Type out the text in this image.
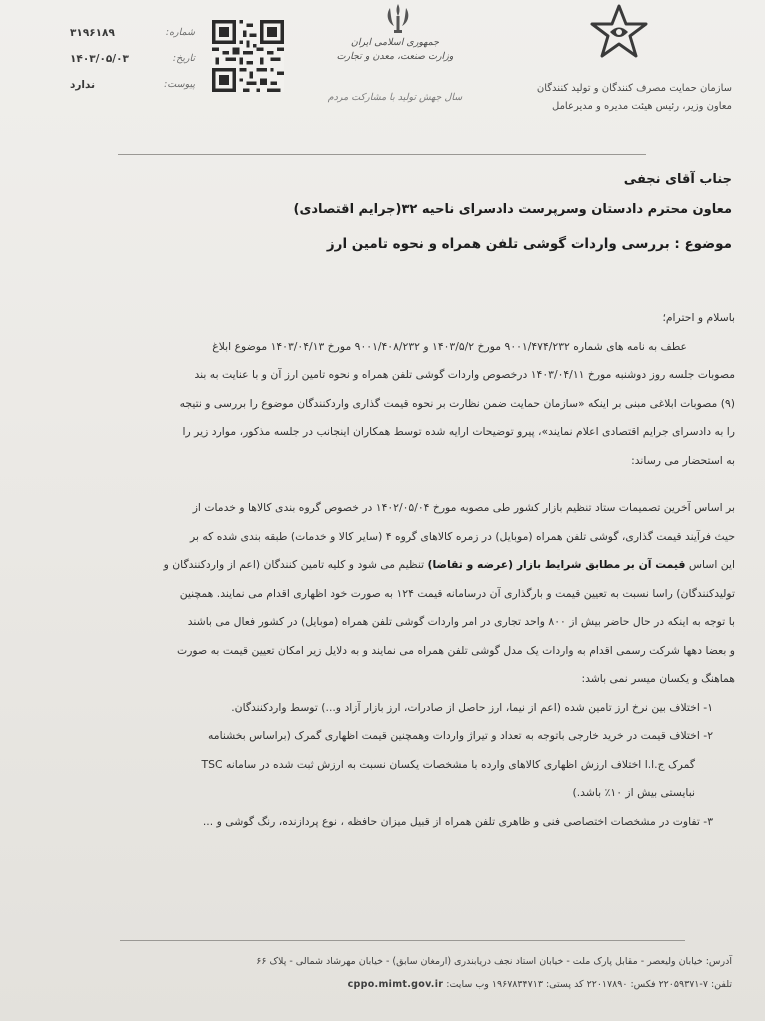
سازمان حمایت مصرف کنندگان و تولید کنندگان
معاون وزیر، رئیس هیئت مدیره و مدیرعامل
جمهوری اسلامی ایران
وزارت صنعت، معدن و تجارت
سال جهش تولید با مشارکت مردم
شماره:
۳۱۹۶۱۸۹
تاریخ:
۱۴۰۳/۰۵/۰۳
پیوست:
ندارد
جناب آقای نجفی
معاون محترم دادستان وسرپرست دادسرای ناحیه ۳۲(جرایم اقتصادی)
موضوع : بررسی واردات گوشی تلفن همراه و نحوه تامین ارز
باسلام و احترام؛
عطف به نامه های شماره ۹۰۰۱/۴۷۴/۲۳۲ مورخ ۱۴۰۳/۵/۲ و ۹۰۰۱/۴۰۸/۲۳۲ مورخ ۱۴۰۳/۰۴/۱۳ موضوع ابلاغ
مصوبات جلسه روز دوشنبه مورخ ۱۴۰۳/۰۴/۱۱ درخصوص واردات گوشی تلفن همراه و نحوه تامین ارز آن و با عنایت به بند
(۹) مصوبات ابلاغی مبنی بر اینکه «سازمان حمایت ضمن نظارت بر نحوه قیمت گذاری واردکنندگان موضوع را بررسی و نتیجه
را به دادسرای جرایم اقتصادی اعلام نمایند»، پیرو توضیحات ارایه شده توسط همکاران اینجانب در جلسه مذکور، موارد زیر را
به استحضار می رساند:
بر اساس آخرین تصمیمات ستاد تنظیم بازار کشور طی مصوبه مورخ ۱۴۰۲/۰۵/۰۴ در خصوص گروه بندی کالاها و خدمات از
حیث فرآیند قیمت گذاری، گوشی تلفن همراه (موبایل) در زمره کالاهای گروه ۴ (سایر کالا و خدمات) طبقه بندی شده که بر
این اساس قیمت آن بر مطابق شرایط بازار (عرضه و تقاضا) تنظیم می شود و کلیه تامین کنندگان (اعم از واردکنندگان و
تولیدکنندگان) راسا نسبت به تعیین قیمت و بارگذاری آن درسامانه قیمت ۱۲۴ به صورت خود اظهاری اقدام می نمایند. همچنین
با توجه به اینکه در حال حاضر بیش از ۸۰۰ واحد تجاری در امر واردات گوشی تلفن همراه (موبایل) در کشور فعال می باشند
و بعضا دهها شرکت رسمی اقدام به واردات یک مدل گوشی تلفن همراه می نمایند و به دلایل زیر امکان تعیین قیمت به صورت
هماهنگ و یکسان میسر نمی باشد:
۱- اختلاف بین نرخ ارز تامین شده (اعم از نیما، ارز حاصل از صادرات، ارز بازار آزاد و...) توسط واردکنندگان.
۲- اختلاف قیمت در خرید خارجی باتوجه به تعداد و تیراژ واردات وهمچنین قیمت اظهاری گمرک (براساس بخشنامه
گمرک ج.ا.ا اختلاف ارزش اظهاری کالاهای وارده با مشخصات یکسان نسبت به ارزش ثبت شده در سامانه TSC
نبایستی بیش از ۱۰٪ باشد.)
۳- تفاوت در مشخصات اختصاصی فنی و ظاهری تلفن همراه از قبیل میزان حافظه ، نوع پردازنده، رنگ گوشی و ...
آدرس: خیابان ولیعصر - مقابل پارک ملت - خیابان استاد نجف دریابندری (ارمغان سابق) - خیابان مهرشاد شمالی - پلاک ۶۶
تلفن: ۷-۲۲۰۵۹۳۷۱ فکس: ۲۲۰۱۷۸۹۰ کد پستی: ۱۹۶۷۸۳۴۷۱۳ وب سایت: cppo.mimt.gov.ir
